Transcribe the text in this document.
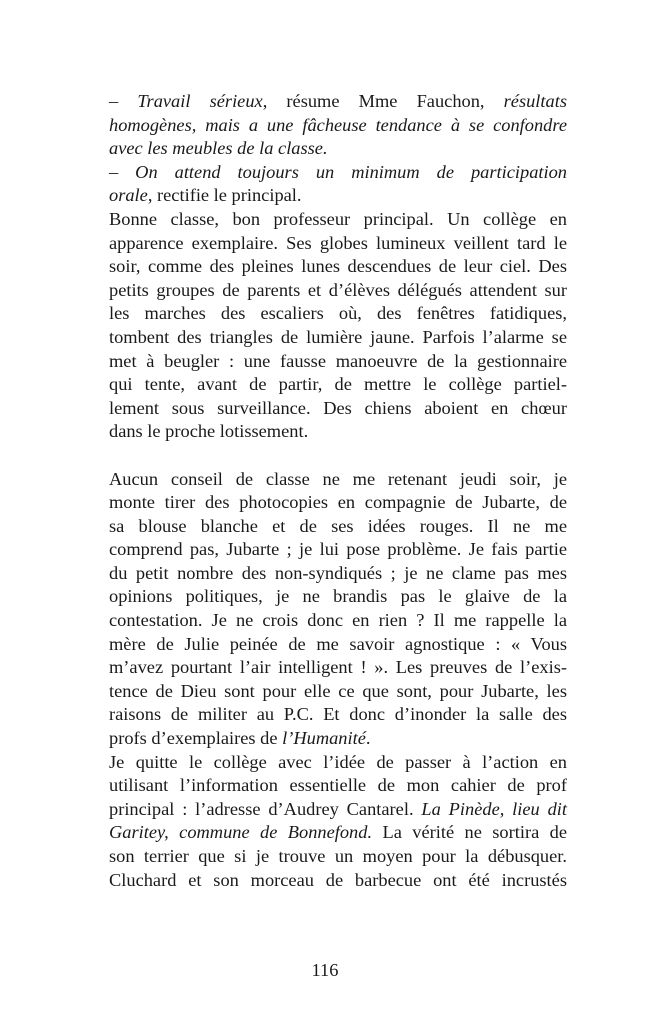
– Travail sérieux, résume Mme Fauchon, résultats
homogènes, mais a une fâcheuse tendance à se confondre
avec les meubles de la classe.
– On attend toujours un minimum de participation
orale, rectifie le principal.
Bonne classe, bon professeur principal. Un collège en
apparence exemplaire. Ses globes lumineux veillent tard le
soir, comme des pleines lunes descendues de leur ciel. Des
petits groupes de parents et d’élèves délégués attendent sur
les marches des escaliers où, des fenêtres fatidiques,
tombent des triangles de lumière jaune. Parfois l’alarme se
met à beugler : une fausse manoeuvre de la gestionnaire
qui tente, avant de partir, de mettre le collège partiel-
lement sous surveillance. Des chiens aboient en chœur
dans le proche lotissement.
Aucun conseil de classe ne me retenant jeudi soir, je
monte tirer des photocopies en compagnie de Jubarte, de
sa blouse blanche et de ses idées rouges. Il ne me
comprend pas, Jubarte ; je lui pose problème. Je fais partie
du petit nombre des non-syndiqués ; je ne clame pas mes
opinions politiques, je ne brandis pas le glaive de la
contestation. Je ne crois donc en rien ? Il me rappelle la
mère de Julie peinée de me savoir agnostique : « Vous
m’avez pourtant l’air intelligent ! ». Les preuves de l’exis-
tence de Dieu sont pour elle ce que sont, pour Jubarte, les
raisons de militer au P.C. Et donc d’inonder la salle des
profs d’exemplaires de l’Humanité.
Je quitte le collège avec l’idée de passer à l’action en
utilisant l’information essentielle de mon cahier de prof
principal : l’adresse d’Audrey Cantarel. La Pinède, lieu dit
Garitey, commune de Bonnefond. La vérité ne sortira de
son terrier que si je trouve un moyen pour la débusquer.
Cluchard et son morceau de barbecue ont été incrustés
116
